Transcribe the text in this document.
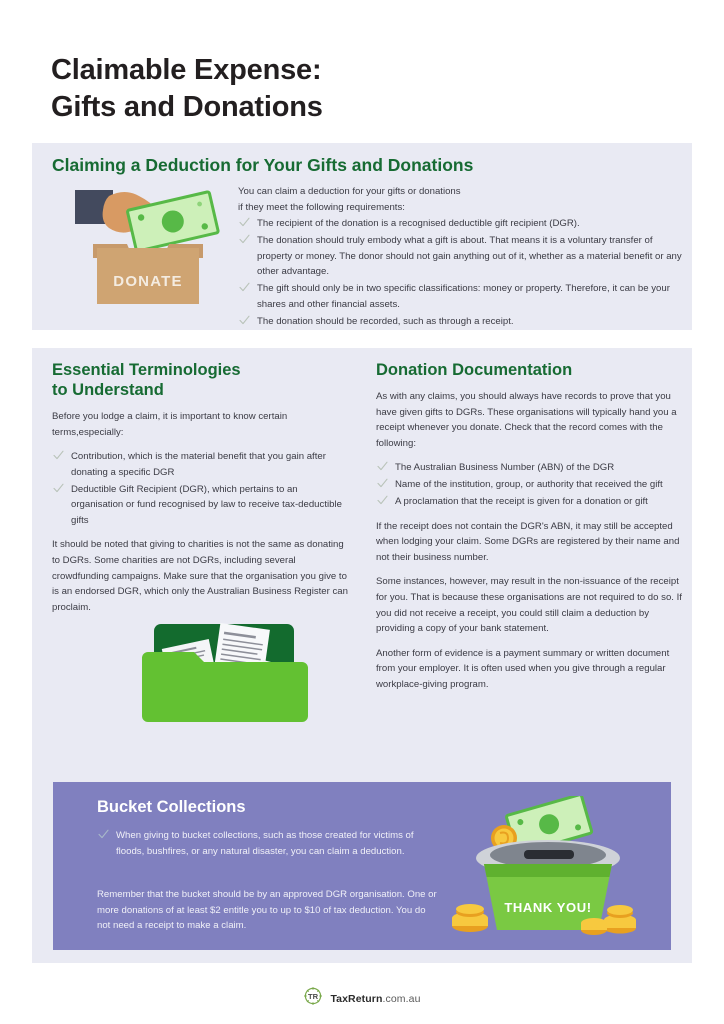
Claimable Expense:
Gifts and Donations
Claiming a Deduction for Your Gifts and Donations
You can claim a deduction for your gifts or donations
if they meet the following requirements:
The recipient of the donation is a recognised deductible gift recipient (DGR).
The donation should truly embody what a gift is about. That means it is a voluntary transfer of property or money. The donor should not gain anything out of it, whether as a material benefit or any other advantage.
The gift should only be in two specific classifications: money or property. Therefore, it can be your shares and other financial assets.
The donation should be recorded, such as through a receipt.
DONATE
Essential Terminologies
to Understand

Before you lodge a claim, it is important to know certain terms,especially:

Contribution, which is the material benefit that you gain after donating a specific DGR
Deductible Gift Recipient (DGR), which pertains to an organisation or fund recognised by law to receive tax-deductible gifts

It should be noted that giving to charities is not the same as donating to DGRs. Some charities are not DGRs, including several crowdfunding campaigns. Make sure that the organisation you give to is an endorsed DGR, which only the Australian Business Register can proclaim.

Donation Documentation

As with any claims, you should always have records to prove that you have given gifts to DGRs. These organisations will typically hand you a receipt whenever you donate. Check that the record comes with the following:

The Australian Business Number (ABN) of the DGR
Name of the institution, group, or authority that received the gift
A proclamation that the receipt is given for a donation or gift

If the receipt does not contain the DGR's ABN, it may still be accepted when lodging your claim. Some DGRs are registered by their name and not their business number.

Some instances, however, may result in the non-issuance of the receipt for you. That is because these organisations are not required to do so. If you did not receive a receipt, you could still claim a deduction by providing a copy of your bank statement.

Another form of evidence is a payment summary or written document from your employer. It is often used when you give through a regular workplace-giving program.

Bucket Collections
When giving to bucket collections, such as those created for victims of floods, bushfires, or any natural disaster, you can claim a deduction.
Remember that the bucket should be by an approved DGR organisation. One or more donations of at least $2 entitle you to up to $10 of tax deduction. You do not need a receipt to make a claim.
THANK YOU!
TR TaxReturn.com.au
